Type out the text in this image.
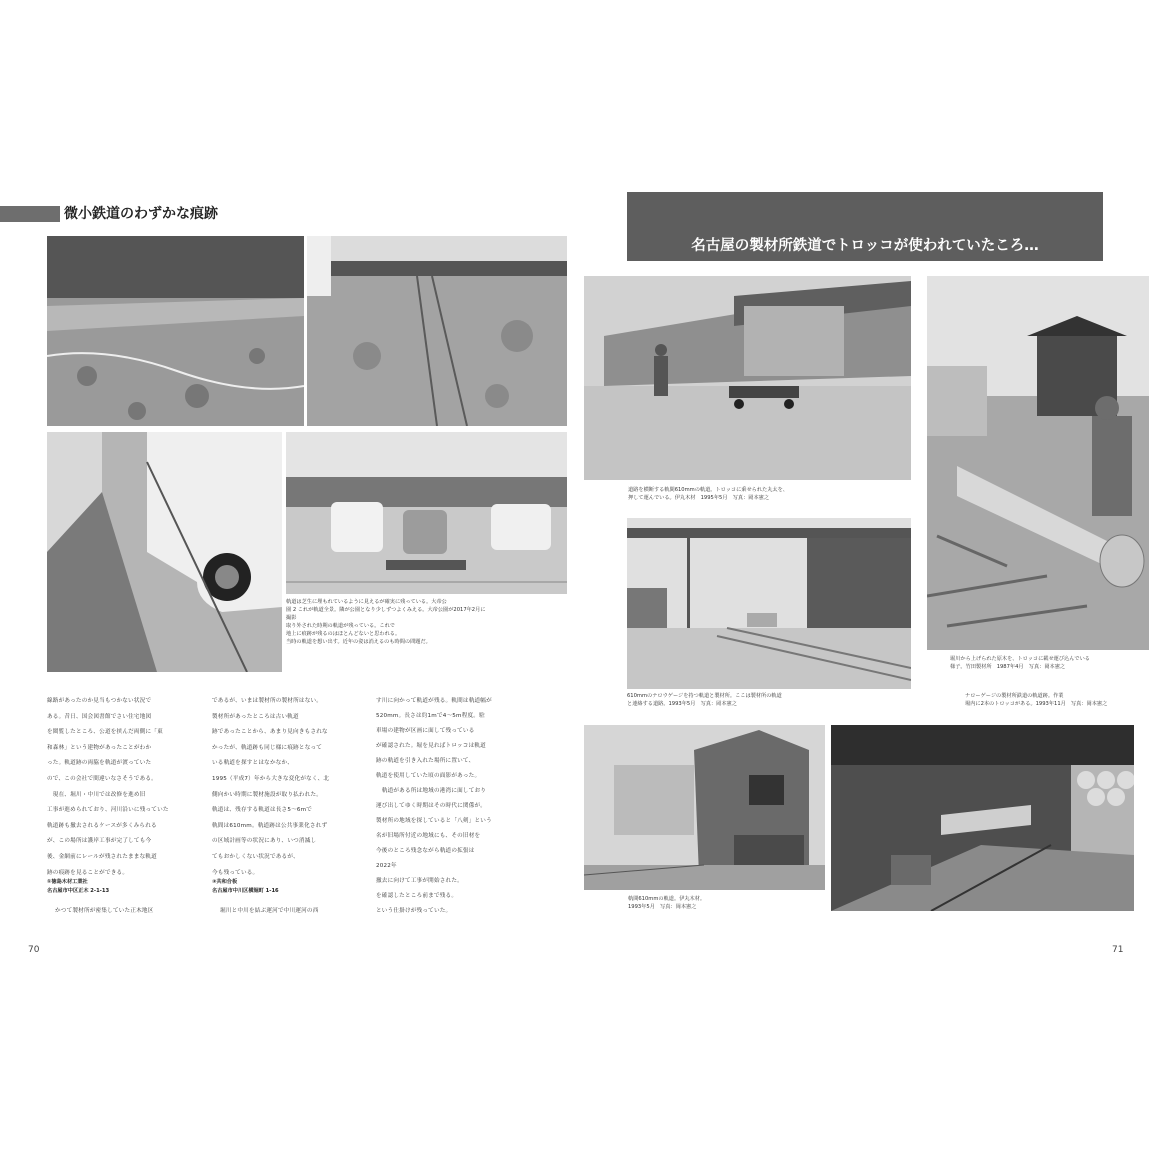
微小鉄道のわずかな痕跡
軌道は芝生に埋もれているように見えるが確実に残っている。大帝公
園 2 これが軌道全景。隣が公園となり少しずつよくみえる。大帝公園が2017年2月に撮影
取り外された時期の軌道が残っている。これで
地上に痕跡が残るのはほとんどないと思われる。
当時の軌道を想い出す。近年の姿は消えるのも時間の問題だ。
線路があったのか見当もつかない状況で
ある。昔日、国会図書館でさい住宅地図
を閲覧したところ、公道を挟んだ両側に「東
和森林」という建物があったことがわか
った。軌道跡の両脇を軌道が渡っていた
ので、この会社で間違いなさそうである。
　現在、堀川・中川では改修を進め旧
工事が進められており、河川沿いに残っていた
軌道跡も撤去されるケースが多くみられる
が、この場所は護岸工事が完了しても今
後、金網前にレールが残されたままな軌道
跡の痕跡を見ることができる。
であるが、いまは製材所の製材所はない。
製材所があったところは古い軌道
跡であったことから、あまり見向きもされな
かったが、軌道跡も同じ様に痕跡となって
いる軌道を探すとはなかなか、
1995（平成7）年から大きな変化がなく、北
側向かい時期に製材施設が取り払われた。
軌道は、残存する軌道は長さ5～6mで
軌間は610mm。軌道跡は公共事業化されず
の区域計画等の状況にあり、いつ消滅し
てもおかしくない状況であるが、
今も残っている。
す川に向かって軌道が残る。軌間は軌道幅が
520mm。長さは約1mで4～5m程度。駐
車場の建物が区画に面して残っている
が確認された。堀を見ればトロッコは軌道
跡の軌道を引き入れた場所に置いて、
軌道を使用していた頃の面影があった。
　軌道がある所は地域の港湾に面しており
運び出してゆく時期はその時代に関係が。
製材所の地域を探していると「八剣」という
名が旧場所付近の地域にも、その旧材を
今後のところ残念ながら軌道の拡張は
2022年
撤去に向けて工事が開始された。
を確認したところ前まで残る。
①徳島木材工業社
名古屋市中区正木 2-1-13
②共和合板
名古屋市中川区横堀町 1-16
かつて製材所が密集していた正木地区	堀川と中川を結ぶ運河で中川運河の西	という仕掛けが残っていた。
70
名古屋の製材所鉄道でトロッコが使われていたころ…
道路を横断する軌間610mmの軌道。トロッコに乗せられた丸太を、
押して運んでいる。伊丸木材　1995年5月　写真：岡本憲之
堀川から上げられた原木を、トロッコに載せ運び込んでいる
様子。竹田製材所　1987年4月　写真：岡本憲之
610mmのナロウゲージを持つ軌道と製材所。ここは製材所の軌道
と連絡する道路。1993年5月　写真：岡本憲之
ナローゲージの製材所鉄道の軌道跡。作業
場内に2本のトロッコがある。1993年11月　写真：岡本憲之
軌間610mmの軌道。伊丸木材。
1993年5月　写真：岡本憲之
71
